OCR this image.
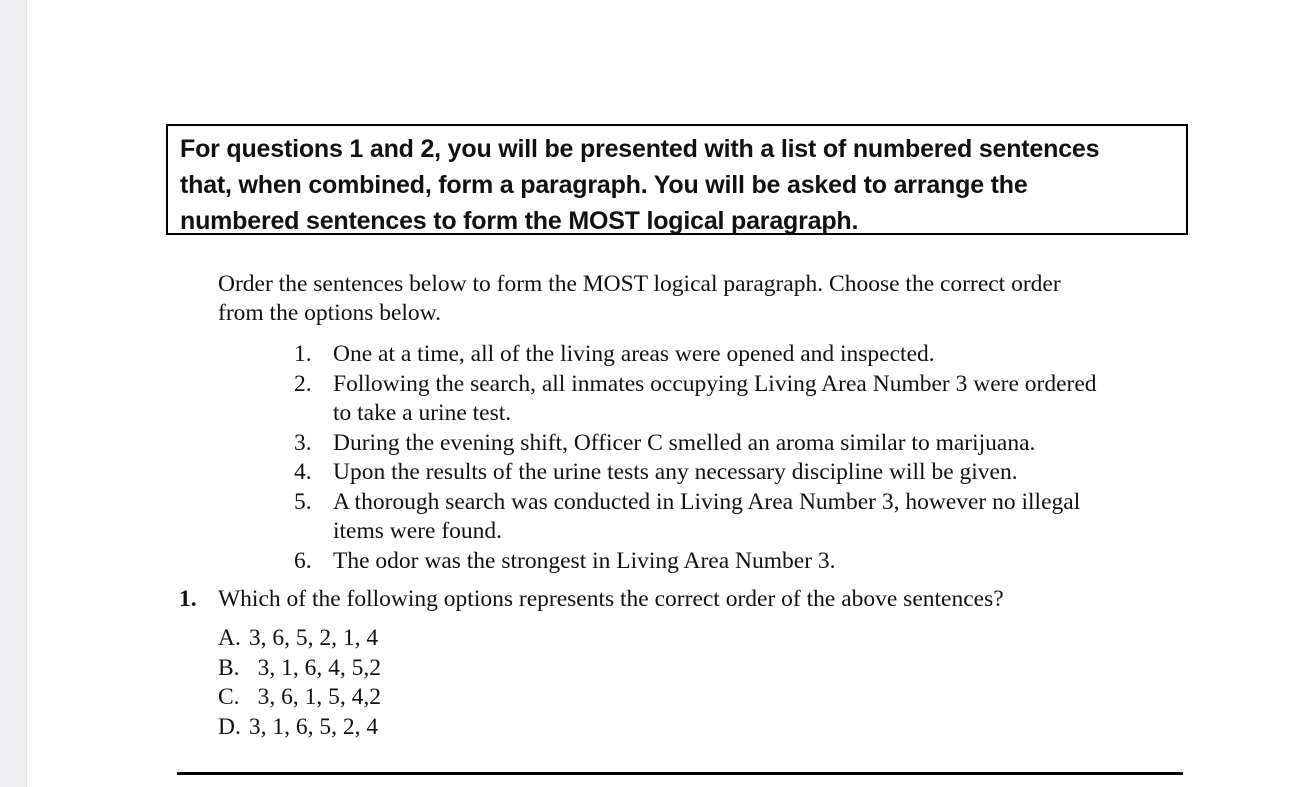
For questions 1 and 2, you will be presented with a list of numbered sentences
that, when combined, form a paragraph. You will be asked to arrange the
numbered sentences to form the MOST logical paragraph.
Order the sentences below to form the MOST logical paragraph. Choose the correct order
from the options below.
1. One at a time, all of the living areas were opened and inspected.
2. Following the search, all inmates occupying Living Area Number 3 were ordered
to take a urine test.
3. During the evening shift, Officer C smelled an aroma similar to marijuana.
4. Upon the results of the urine tests any necessary discipline will be given.
5. A thorough search was conducted in Living Area Number 3, however no illegal
items were found.
6. The odor was the strongest in Living Area Number 3.
1. Which of the following options represents the correct order of the above sentences?
A. 3, 6, 5, 2, 1, 4
B. 3, 1, 6, 4, 5,2
C. 3, 6, 1, 5, 4,2
D. 3, 1, 6, 5, 2, 4
